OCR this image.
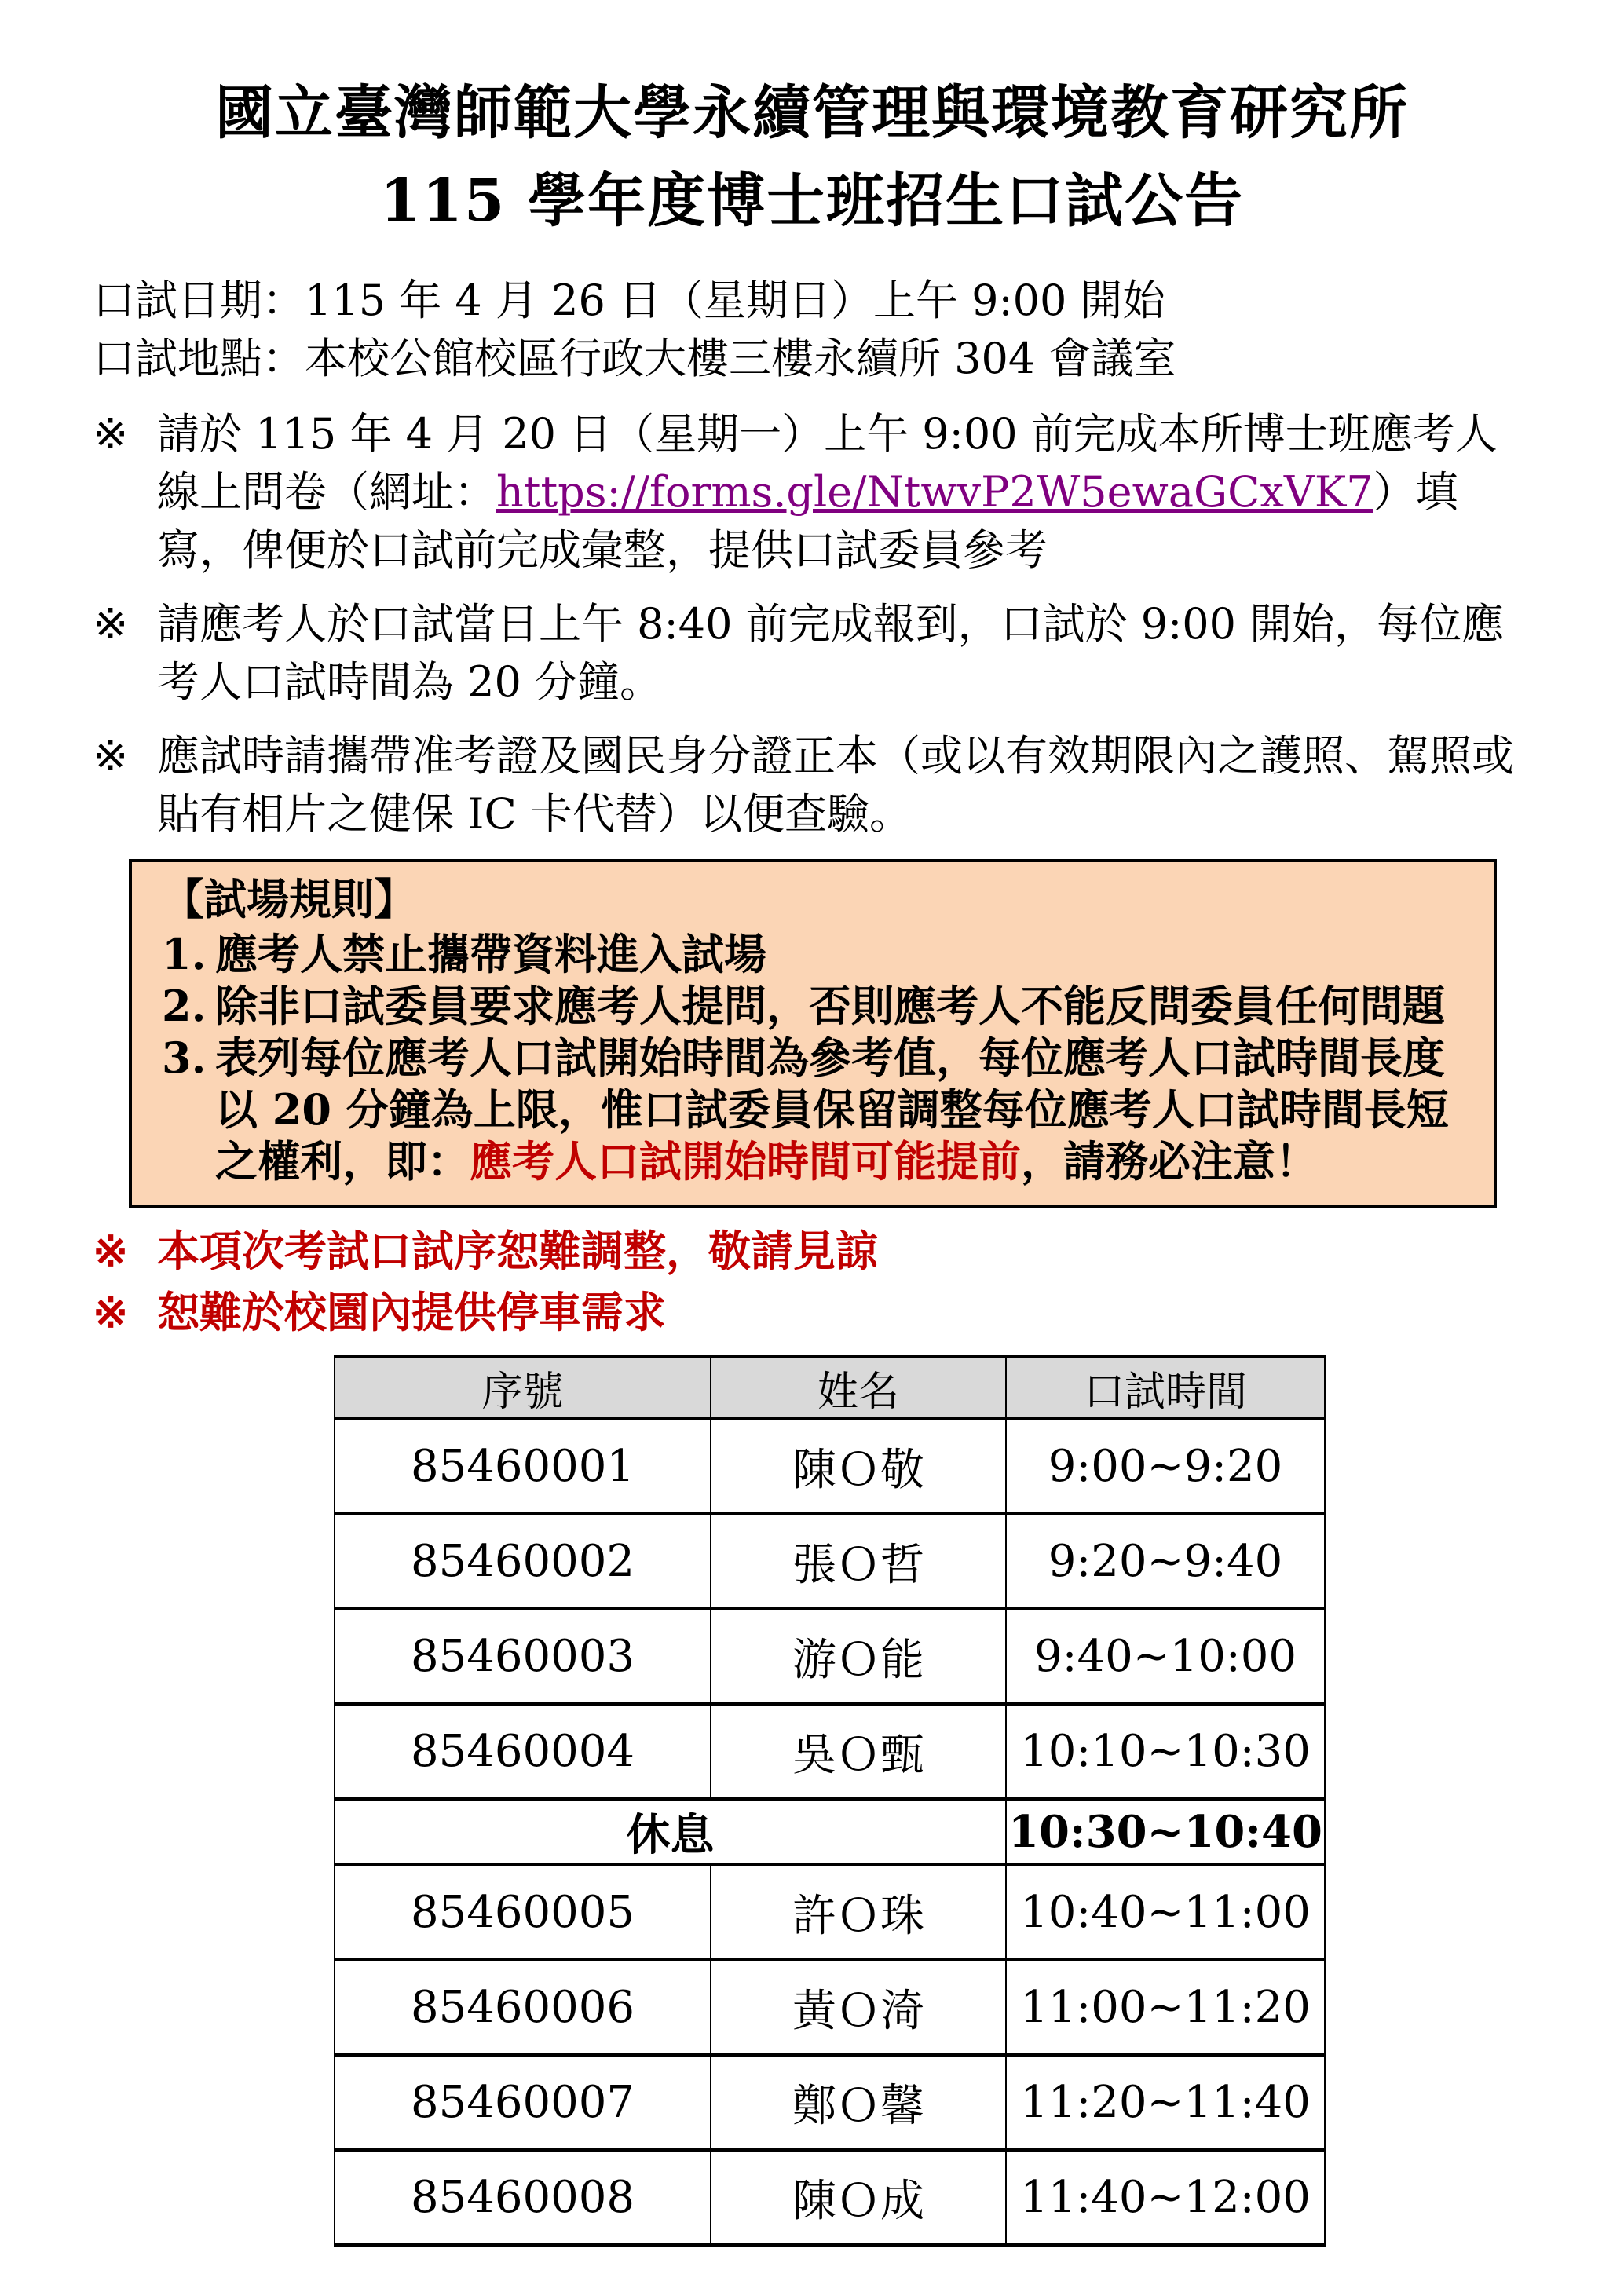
國立臺灣師範大學永續管理與環境教育研究所
115 學年度博士班招生口試公告
口試日期：115 年 4 月 26 日（星期日）上午 9:00 開始
口試地點：本校公館校區行政大樓三樓永續所 304 會議室
※ 請於 115 年 4 月 20 日（星期一）上午 9:00 前完成本所博士班應考人線上問卷（網址：https://forms.gle/NtwvP2W5ewaGCxVK7）填寫，俾便於口試前完成彙整，提供口試委員參考
※ 請應考人於口試當日上午 8:40 前完成報到，口試於 9:00 開始，每位應考人口試時間為 20 分鐘。
※ 應試時請攜帶准考證及國民身分證正本（或以有效期限內之護照、駕照或貼有相片之健保 IC 卡代替）以便查驗。
【試場規則】
1. 應考人禁止攜帶資料進入試場
2. 除非口試委員要求應考人提問，否則應考人不能反問委員任何問題
3. 表列每位應考人口試開始時間為參考值，每位應考人口試時間長度以 20 分鐘為上限，惟口試委員保留調整每位應考人口試時間長短之權利，即：應考人口試開始時間可能提前，請務必注意！
※ 本項次考試口試序恕難調整，敬請見諒
※ 恕難於校園內提供停車需求
序號	姓名	口試時間
85460001	陳Ｏ敬	9:00~9:20
85460002	張Ｏ哲	9:20~9:40
85460003	游Ｏ能	9:40~10:00
85460004	吳Ｏ甄	10:10~10:30
休息		10:30~10:40
85460005	許Ｏ珠	10:40~11:00
85460006	黃Ｏ渏	11:00~11:20
85460007	鄭Ｏ馨	11:20~11:40
85460008	陳Ｏ成	11:40~12:00
